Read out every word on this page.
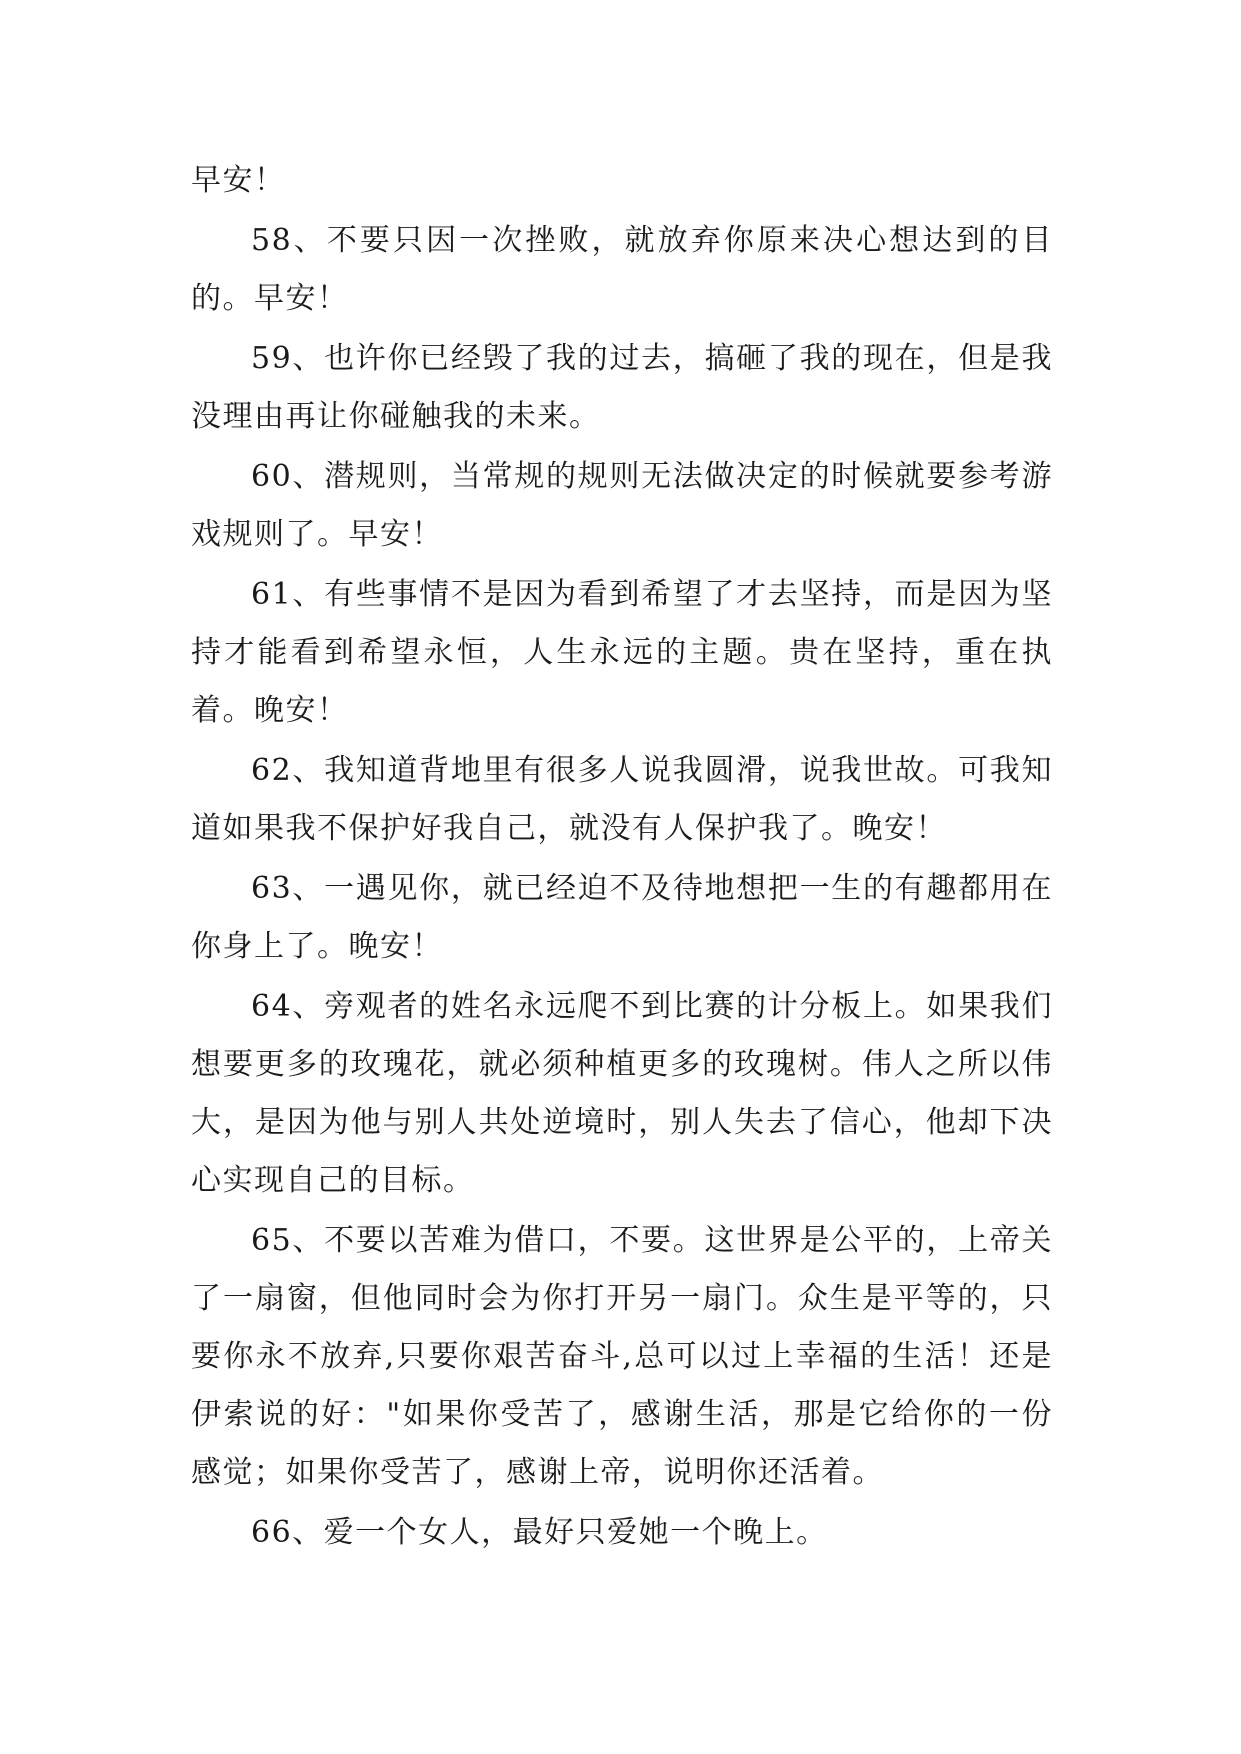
早安！

58、不要只因一次挫败，就放弃你原来决心想达到的目的。早安！

59、也许你已经毁了我的过去，搞砸了我的现在，但是我没理由再让你碰触我的未来。

60、潜规则，当常规的规则无法做决定的时候就要参考游戏规则了。早安！

61、有些事情不是因为看到希望了才去坚持，而是因为坚持才能看到希望永恒，人生永远的主题。贵在坚持，重在执着。晚安！

62、我知道背地里有很多人说我圆滑，说我世故。可我知道如果我不保护好我自己，就没有人保护我了。晚安！

63、一遇见你，就已经迫不及待地想把一生的有趣都用在你身上了。晚安！

64、旁观者的姓名永远爬不到比赛的计分板上。如果我们想要更多的玫瑰花，就必须种植更多的玫瑰树。伟人之所以伟大，是因为他与别人共处逆境时，别人失去了信心，他却下决心实现自己的目标。

65、不要以苦难为借口，不要。这世界是公平的，上帝关了一扇窗，但他同时会为你打开另一扇门。众生是平等的，只要你永不放弃,只要你艰苦奋斗,总可以过上幸福的生活！还是伊索说的好："如果你受苦了，感谢生活，那是它给你的一份感觉；如果你受苦了，感谢上帝，说明你还活着。

66、爱一个女人，最好只爱她一个晚上。
